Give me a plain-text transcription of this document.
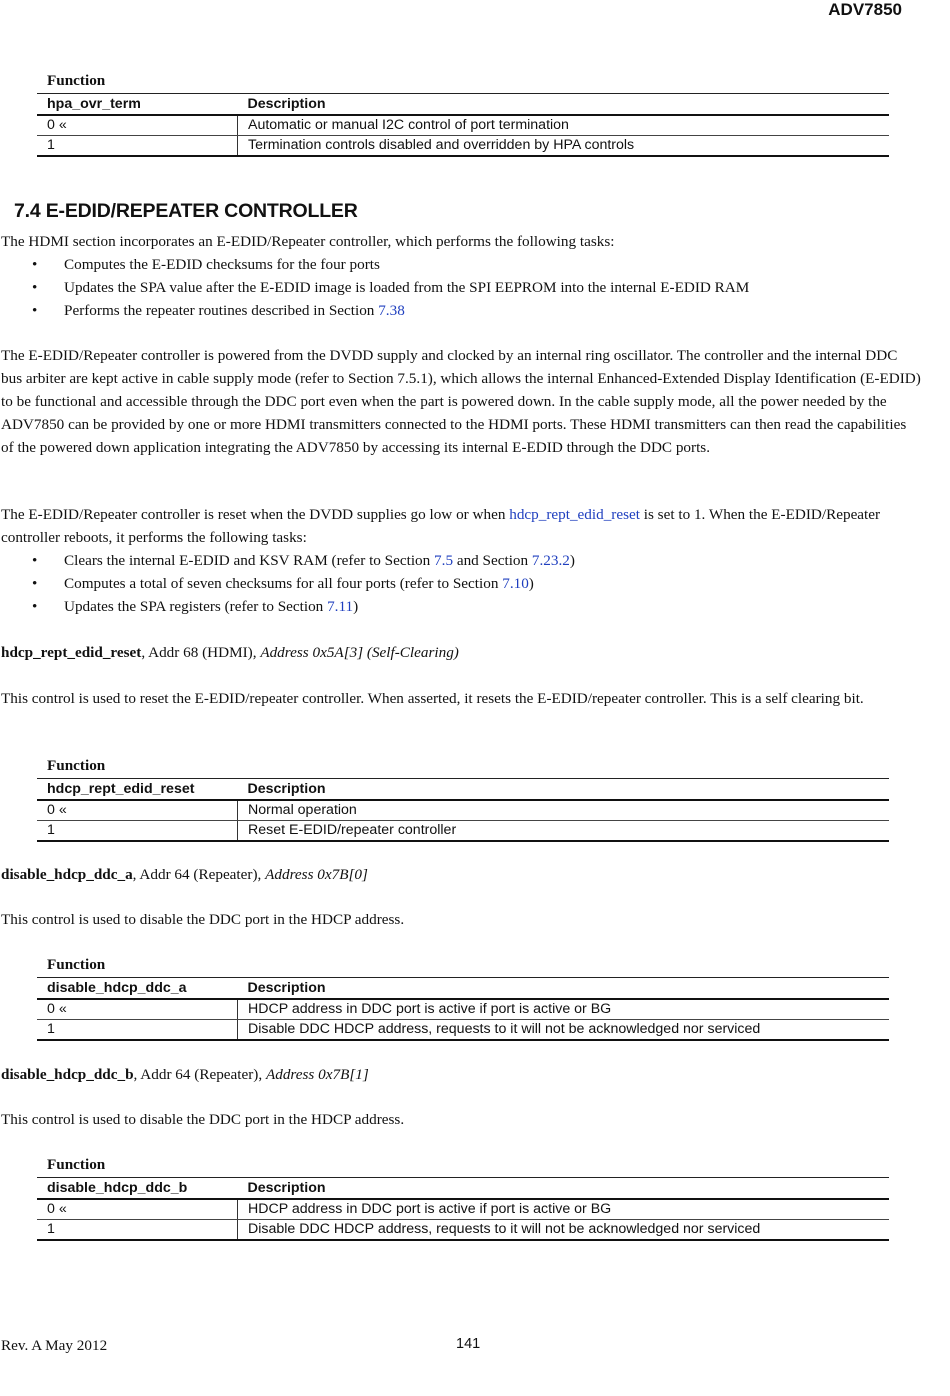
ADV7850
Function
hpa_ovr_term	Description
0 «	Automatic or manual I2C control of port termination
1	Termination controls disabled and overridden by HPA controls
7.4 E-EDID/REPEATER CONTROLLER
The HDMI section incorporates an E-EDID/Repeater controller, which performs the following tasks:
• Computes the E-EDID checksums for the four ports
• Updates the SPA value after the E-EDID image is loaded from the SPI EEPROM into the internal E-EDID RAM
• Performs the repeater routines described in Section 7.38
The E-EDID/Repeater controller is powered from the DVDD supply and clocked by an internal ring oscillator. The controller and the internal DDC bus arbiter are kept active in cable supply mode (refer to Section 7.5.1), which allows the internal Enhanced-Extended Display Identification (E-EDID) to be functional and accessible through the DDC port even when the part is powered down. In the cable supply mode, all the power needed by the ADV7850 can be provided by one or more HDMI transmitters connected to the HDMI ports. These HDMI transmitters can then read the capabilities of the powered down application integrating the ADV7850 by accessing its internal E-EDID through the DDC ports.
The E-EDID/Repeater controller is reset when the DVDD supplies go low or when hdcp_rept_edid_reset is set to 1. When the E-EDID/Repeater controller reboots, it performs the following tasks:
• Clears the internal E-EDID and KSV RAM (refer to Section 7.5 and Section 7.23.2)
• Computes a total of seven checksums for all four ports (refer to Section 7.10)
• Updates the SPA registers (refer to Section 7.11)
hdcp_rept_edid_reset, Addr 68 (HDMI), Address 0x5A[3] (Self-Clearing)
This control is used to reset the E-EDID/repeater controller. When asserted, it resets the E-EDID/repeater controller. This is a self clearing bit.
Function
hdcp_rept_edid_reset	Description
0 «	Normal operation
1	Reset E-EDID/repeater controller
disable_hdcp_ddc_a, Addr 64 (Repeater), Address 0x7B[0]
This control is used to disable the DDC port in the HDCP address.
Function
disable_hdcp_ddc_a	Description
0 «	HDCP address in DDC port is active if port is active or BG
1	Disable DDC HDCP address, requests to it will not be acknowledged nor serviced
disable_hdcp_ddc_b, Addr 64 (Repeater), Address 0x7B[1]
This control is used to disable the DDC port in the HDCP address.
Function
disable_hdcp_ddc_b	Description
0 «	HDCP address in DDC port is active if port is active or BG
1	Disable DDC HDCP address, requests to it will not be acknowledged nor serviced
Rev. A May 2012	141
